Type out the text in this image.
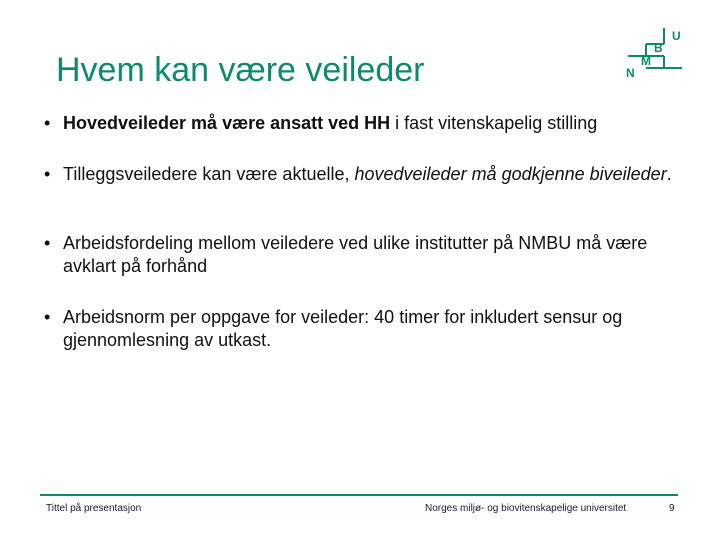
Hvem kan være veileder
U
B
M
N
• Hovedveileder må være ansatt ved HH i fast vitenskapelig stilling
• Tilleggsveiledere kan være aktuelle, hovedveileder må godkjenne biveileder.
• Arbeidsfordeling mellom veiledere ved ulike institutter på NMBU må være avklart på forhånd
• Arbeidsnorm per oppgave for veileder: 40 timer for inkludert sensur og gjennomlesning av utkast.
Tittel på presentasjon	Norges miljø- og biovitenskapelige universitet	9
